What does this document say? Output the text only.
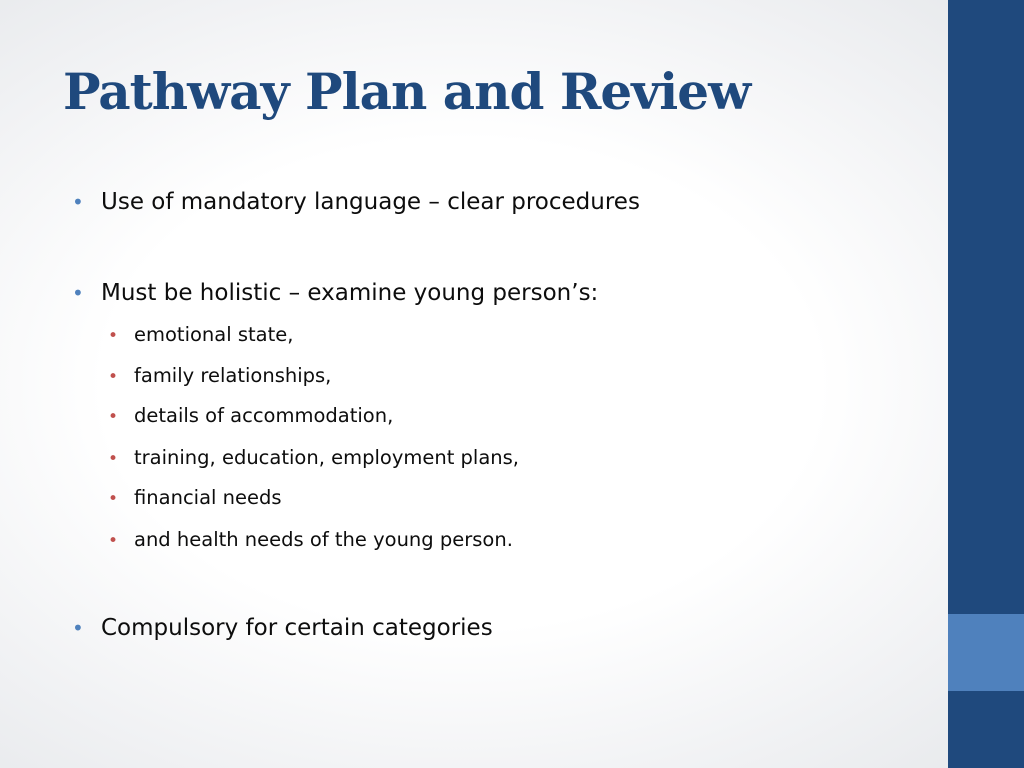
Pathway Plan and Review
• Use of mandatory language – clear procedures
• Must be holistic – examine young person’s:
• emotional state,
• family relationships,
• details of accommodation,
• training, education, employment plans,
• financial needs
• and health needs of the young person.
• Compulsory for certain categories
